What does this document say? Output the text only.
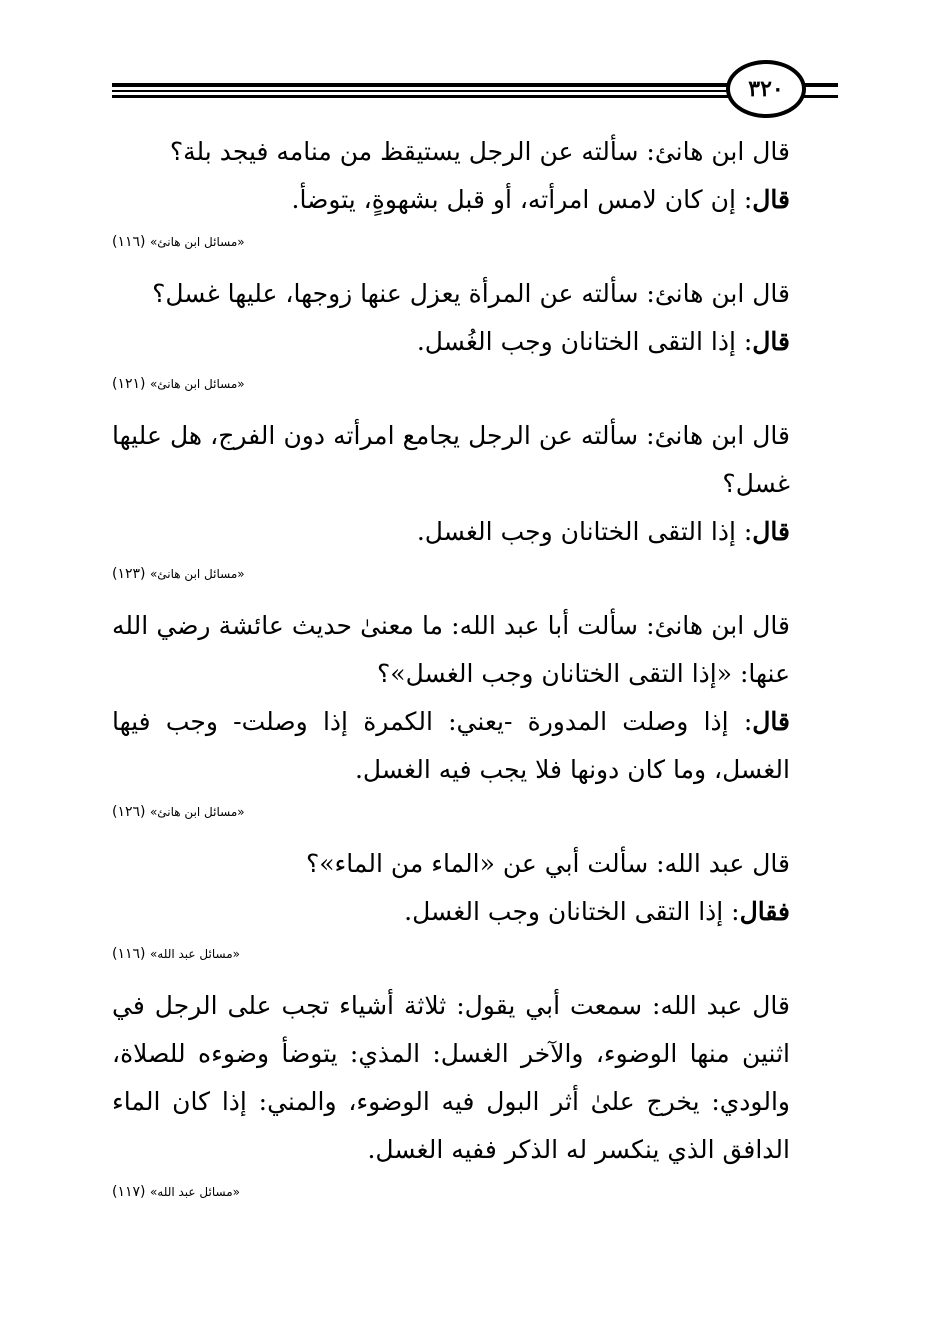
٣٢٠

قال ابن هانئ: سألته عن الرجل يستيقظ من منامه فيجد بلة؟

قال: إن كان لامس امرأته، أو قبل بشهوةٍ، يتوضأ.

«مسائل ابن هانئ» (١١٦)

قال ابن هانئ: سألته عن المرأة يعزل عنها زوجها، عليها غسل؟

قال: إذا التقى الختانان وجب الغُسل.

«مسائل ابن هانئ» (١٢١)

قال ابن هانئ: سألته عن الرجل يجامع امرأته دون الفرج، هل عليها غسل؟

قال: إذا التقى الختانان وجب الغسل.

«مسائل ابن هانئ» (١٢٣)

قال ابن هانئ: سألت أبا عبد الله: ما معنىٰ حديث عائشة رضي الله عنها: «إذا التقى الختانان وجب الغسل»؟

قال: إذا وصلت المدورة -يعني: الكمرة إذا وصلت- وجب فيها الغسل، وما كان دونها فلا يجب فيه الغسل.

«مسائل ابن هانئ» (١٢٦)

قال عبد الله: سألت أبي عن «الماء من الماء»؟

فقال: إذا التقى الختانان وجب الغسل.

«مسائل عبد الله» (١١٦)

قال عبد الله: سمعت أبي يقول: ثلاثة أشياء تجب على الرجل في اثنين منها الوضوء، والآخر الغسل: المذي: يتوضأ وضوءه للصلاة، والودي: يخرج علىٰ أثر البول فيه الوضوء، والمني: إذا كان الماء الدافق الذي ينكسر له الذكر ففيه الغسل.

«مسائل عبد الله» (١١٧)
